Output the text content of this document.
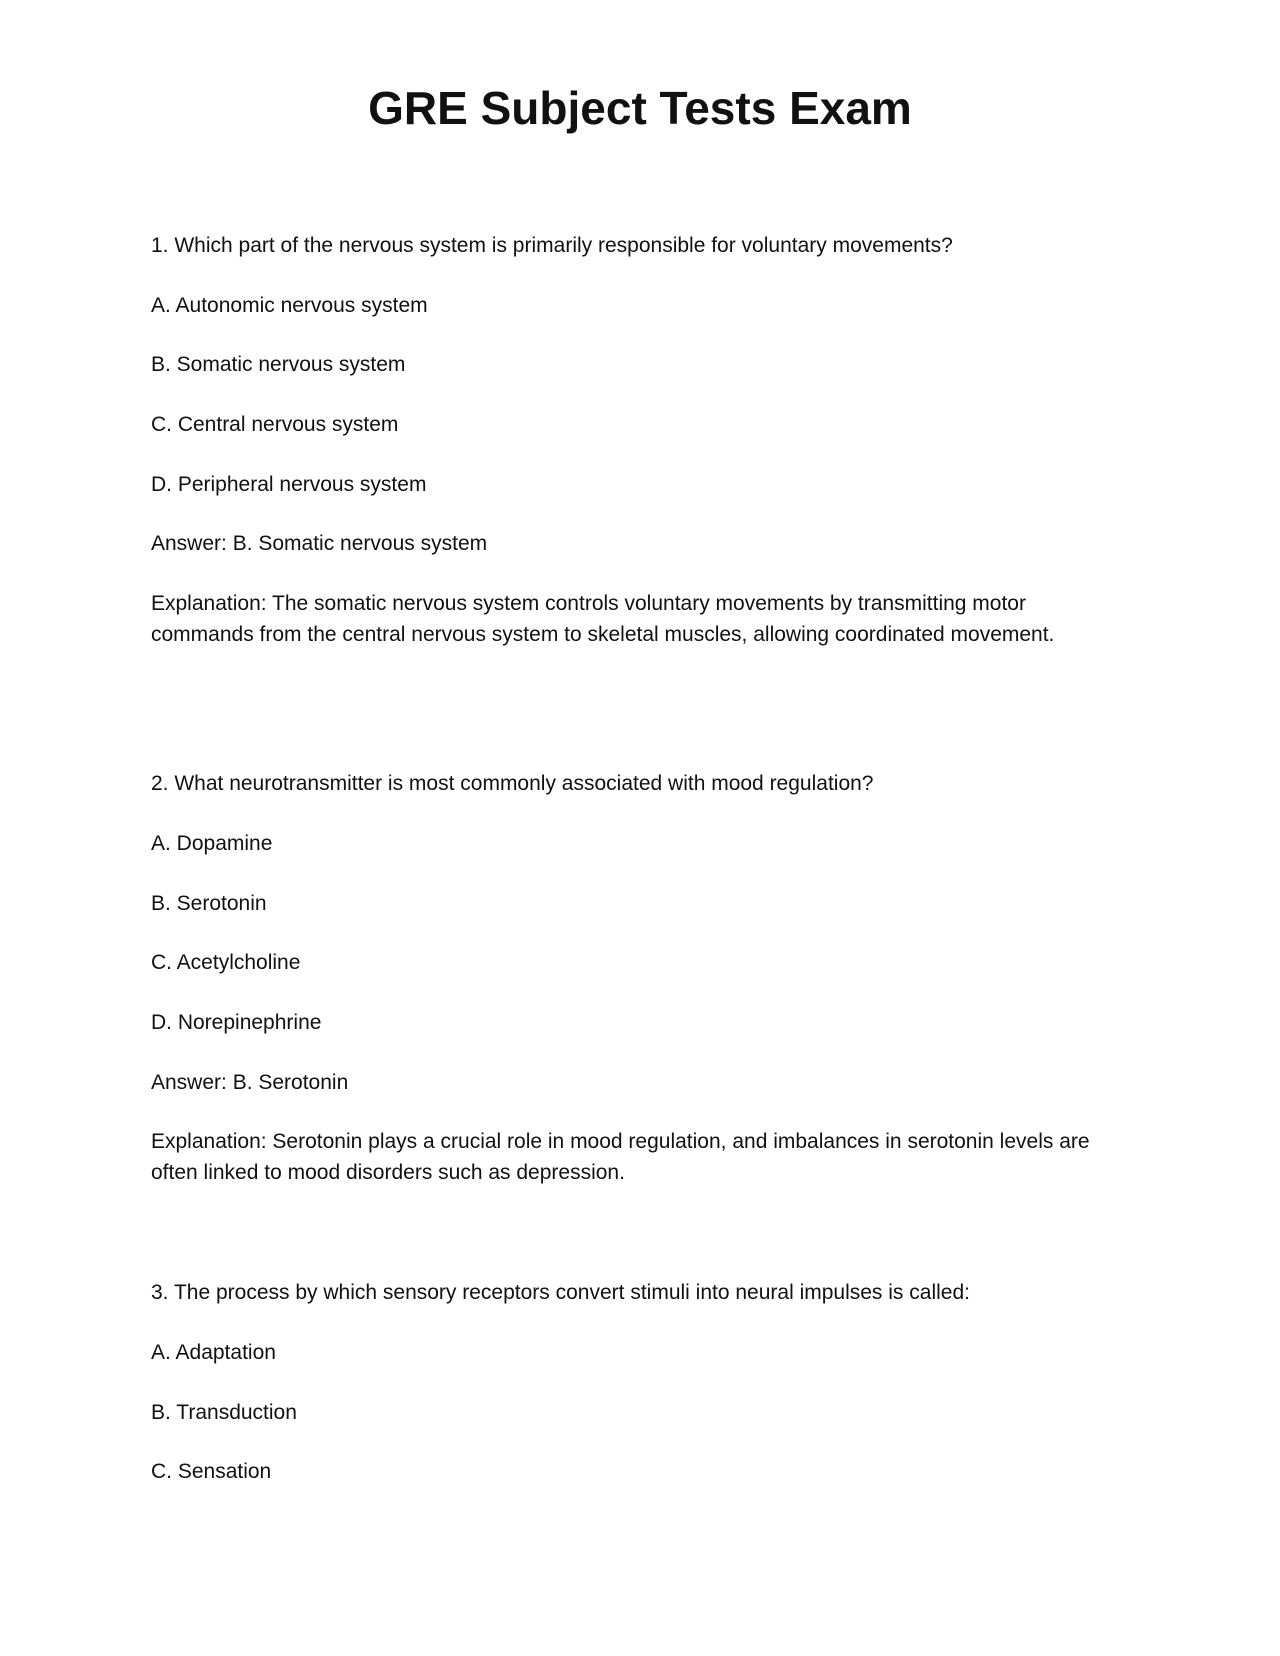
GRE Subject Tests Exam
1. Which part of the nervous system is primarily responsible for voluntary movements?
A. Autonomic nervous system
B. Somatic nervous system
C. Central nervous system
D. Peripheral nervous system
Answer: B. Somatic nervous system
Explanation: The somatic nervous system controls voluntary movements by transmitting motor commands from the central nervous system to skeletal muscles, allowing coordinated movement.
2. What neurotransmitter is most commonly associated with mood regulation?
A. Dopamine
B. Serotonin
C. Acetylcholine
D. Norepinephrine
Answer: B. Serotonin
Explanation: Serotonin plays a crucial role in mood regulation, and imbalances in serotonin levels are often linked to mood disorders such as depression.
3. The process by which sensory receptors convert stimuli into neural impulses is called:
A. Adaptation
B. Transduction
C. Sensation
